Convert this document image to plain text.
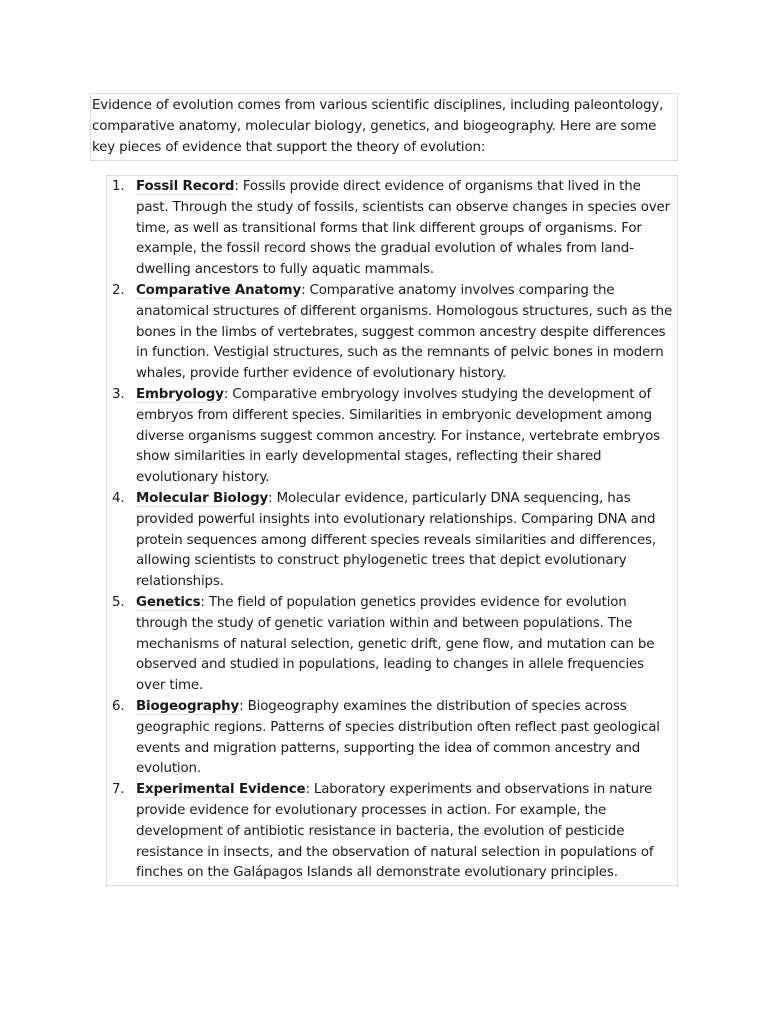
Evidence of evolution comes from various scientific disciplines, including paleontology, comparative anatomy, molecular biology, genetics, and biogeography. Here are some key pieces of evidence that support the theory of evolution:
1. Fossil Record: Fossils provide direct evidence of organisms that lived in the past. Through the study of fossils, scientists can observe changes in species over time, as well as transitional forms that link different groups of organisms. For example, the fossil record shows the gradual evolution of whales from land-dwelling ancestors to fully aquatic mammals.
2. Comparative Anatomy: Comparative anatomy involves comparing the anatomical structures of different organisms. Homologous structures, such as the bones in the limbs of vertebrates, suggest common ancestry despite differences in function. Vestigial structures, such as the remnants of pelvic bones in modern whales, provide further evidence of evolutionary history.
3. Embryology: Comparative embryology involves studying the development of embryos from different species. Similarities in embryonic development among diverse organisms suggest common ancestry. For instance, vertebrate embryos show similarities in early developmental stages, reflecting their shared evolutionary history.
4. Molecular Biology: Molecular evidence, particularly DNA sequencing, has provided powerful insights into evolutionary relationships. Comparing DNA and protein sequences among different species reveals similarities and differences, allowing scientists to construct phylogenetic trees that depict evolutionary relationships.
5. Genetics: The field of population genetics provides evidence for evolution through the study of genetic variation within and between populations. The mechanisms of natural selection, genetic drift, gene flow, and mutation can be observed and studied in populations, leading to changes in allele frequencies over time.
6. Biogeography: Biogeography examines the distribution of species across geographic regions. Patterns of species distribution often reflect past geological events and migration patterns, supporting the idea of common ancestry and evolution.
7. Experimental Evidence: Laboratory experiments and observations in nature provide evidence for evolutionary processes in action. For example, the development of antibiotic resistance in bacteria, the evolution of pesticide resistance in insects, and the observation of natural selection in populations of finches on the Galápagos Islands all demonstrate evolutionary principles.
